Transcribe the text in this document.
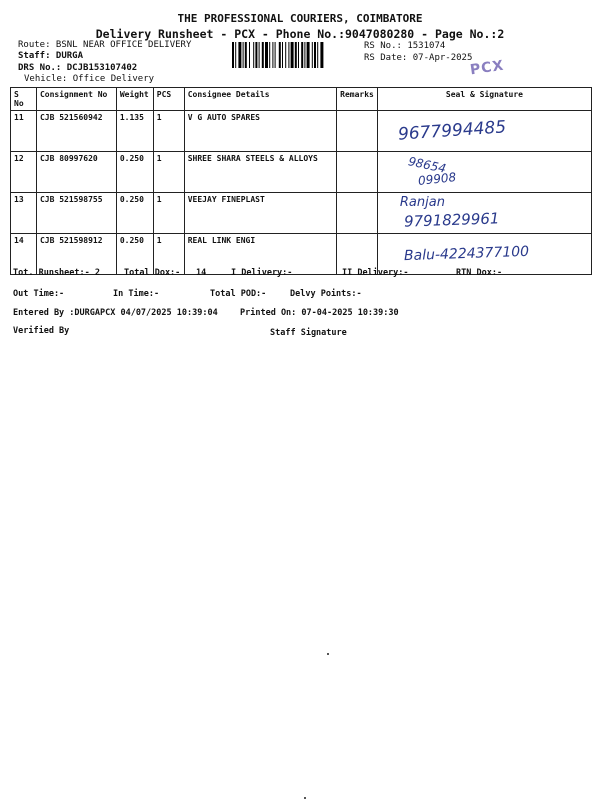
THE PROFESSIONAL COURIERS, COIMBATORE
Delivery Runsheet - PCX - Phone No.:9047080280 - Page No.:2
Route: BSNL NEAR OFFICE DELIVERY
Staff: DURGA
DRS No.: DCJB153107402
Vehicle: Office Delivery
RS No.: 1531074
RS Date: 07-Apr-2025
PCX
S No	Consignment No	Weight	PCS	Consignee Details	Remarks	Seal & Signature
11	CJB 521560942	1.135	1	V G AUTO SPARES		9677994485

12	CJB 80997620	0.250	1	SHREE SHARA STEELS & ALLOYS		98654
09908

13	CJB 521598755	0.250	1	VEEJAY FINEPLAST		Ranjan
9791829961

14	CJB 521598912	0.250	1	REAL LINK ENGI		Balu-4224377100
Tot. Runsheet:- 2	Total Dox:- 14	I Delivery:-	II Delivery:-	RTN Dox:-
Out Time:-	In Time:-	Total POD:-	Delvy Points:-
Entered By :DURGAPCX 04/07/2025 10:39:04	Printed On: 07-04-2025 10:39:30
Verified By	Staff Signature
